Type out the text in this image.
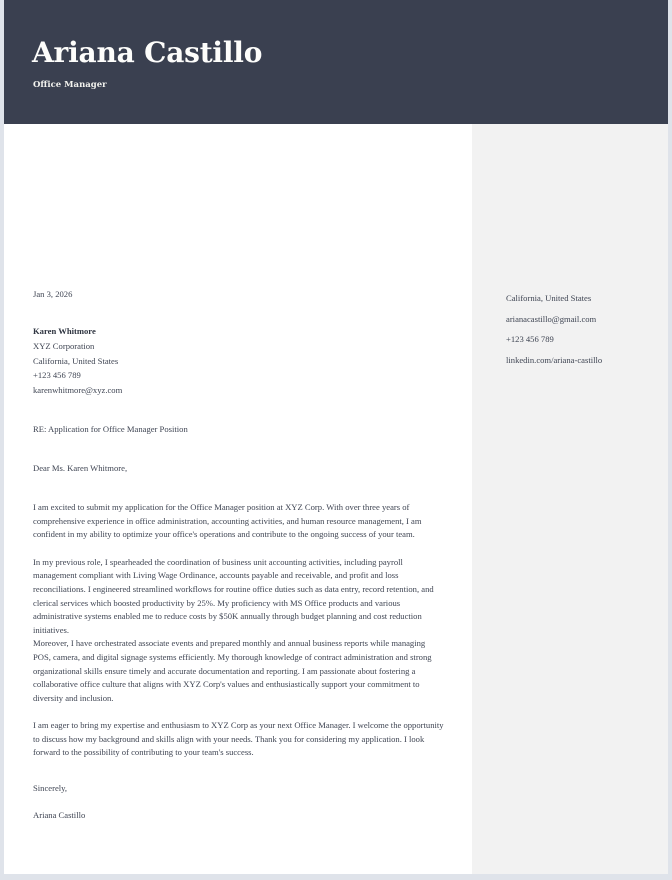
Ariana Castillo
Office Manager
California, United States
arianacastillo@gmail.com
+123 456 789
linkedin.com/ariana-castillo
Jan 3, 2026
Karen Whitmore
XYZ Corporation
California, United States
+123 456 789
karenwhitmore@xyz.com
RE: Application for Office Manager Position
Dear Ms. Karen Whitmore,

I am excited to submit my application for the Office Manager position at XYZ Corp. With over three years of comprehensive experience in office administration, accounting activities, and human resource management, I am confident in my ability to optimize your office's operations and contribute to the ongoing success of your team.

In my previous role, I spearheaded the coordination of business unit accounting activities, including payroll management compliant with Living Wage Ordinance, accounts payable and receivable, and profit and loss reconciliations. I engineered streamlined workflows for routine office duties such as data entry, record retention, and clerical services which boosted productivity by 25%. My proficiency with MS Office products and various administrative systems enabled me to reduce costs by $50K annually through budget planning and cost reduction initiatives.

Moreover, I have orchestrated associate events and prepared monthly and annual business reports while managing POS, camera, and digital signage systems efficiently. My thorough knowledge of contract administration and strong organizational skills ensure timely and accurate documentation and reporting. I am passionate about fostering a collaborative office culture that aligns with XYZ Corp's values and enthusiastically support your commitment to diversity and inclusion.

I am eager to bring my expertise and enthusiasm to XYZ Corp as your next Office Manager. I welcome the opportunity to discuss how my background and skills align with your needs. Thank you for considering my application. I look forward to the possibility of contributing to your team's success.

Sincerely,
Ariana Castillo
